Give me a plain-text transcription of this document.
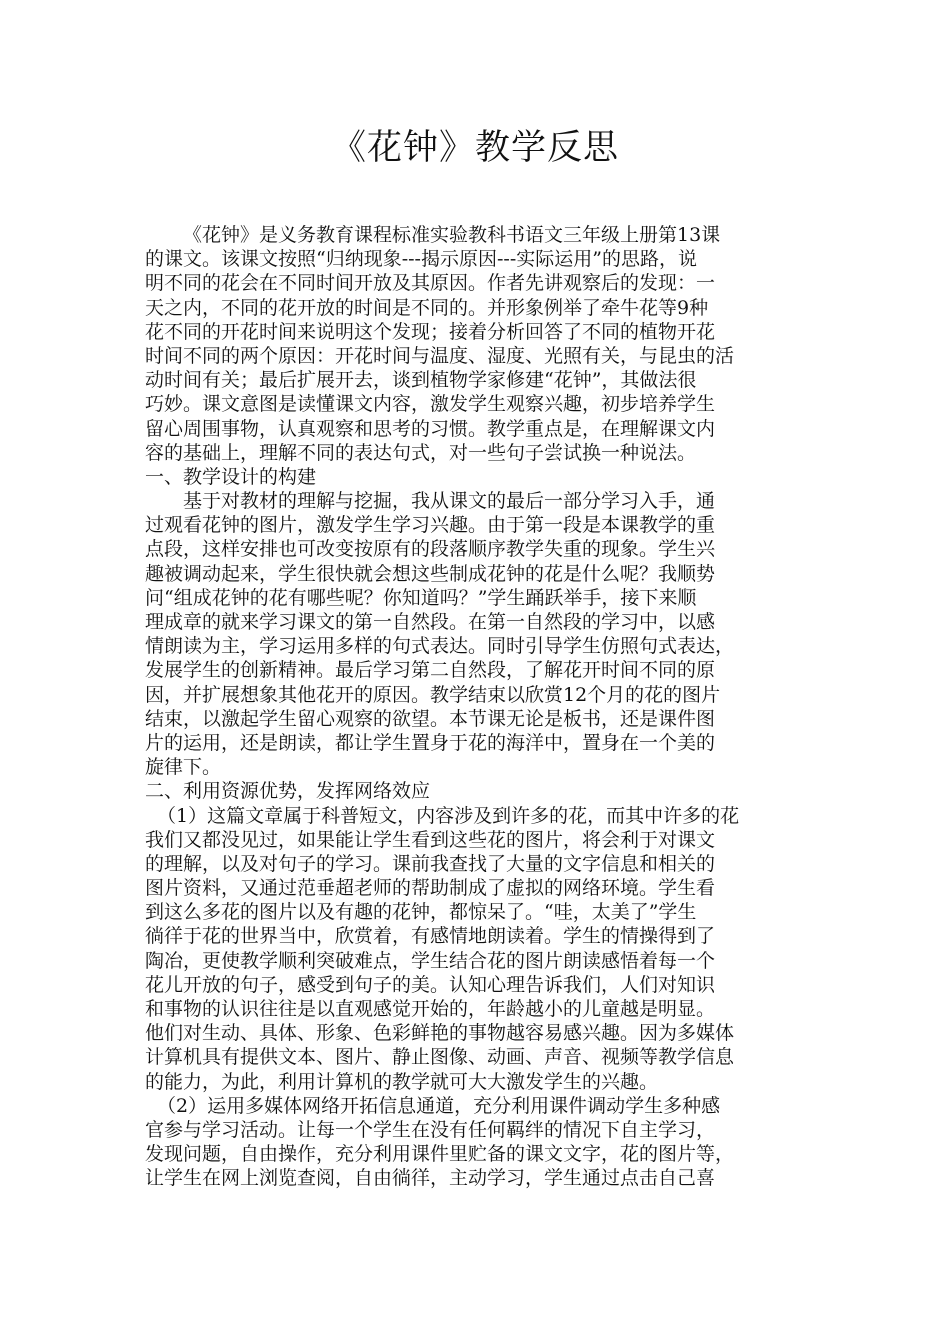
《花钟》教学反思
《花钟》是义务教育课程标准实验教科书语文三年级上册第13课
的课文。该课文按照“归纳现象---揭示原因---实际运用”的思路，说
明不同的花会在不同时间开放及其原因。作者先讲观察后的发现：一
天之内，不同的花开放的时间是不同的。并形象例举了牵牛花等9种
花不同的开花时间来说明这个发现；接着分析回答了不同的植物开花
时间不同的两个原因：开花时间与温度、湿度、光照有关，与昆虫的活
动时间有关；最后扩展开去，谈到植物学家修建“花钟”，其做法很
巧妙。课文意图是读懂课文内容，激发学生观察兴趣，初步培养学生
留心周围事物，认真观察和思考的习惯。教学重点是，在理解课文内
容的基础上，理解不同的表达句式，对一些句子尝试换一种说法。
一、教学设计的构建
基于对教材的理解与挖掘，我从课文的最后一部分学习入手，通
过观看花钟的图片，激发学生学习兴趣。由于第一段是本课教学的重
点段，这样安排也可改变按原有的段落顺序教学失重的现象。学生兴
趣被调动起来，学生很快就会想这些制成花钟的花是什么呢？我顺势
问“组成花钟的花有哪些呢？你知道吗？”学生踊跃举手，接下来顺
理成章的就来学习课文的第一自然段。在第一自然段的学习中，以感
情朗读为主，学习运用多样的句式表达。同时引导学生仿照句式表达，
发展学生的创新精神。最后学习第二自然段，了解花开时间不同的原
因，并扩展想象其他花开的原因。教学结束以欣赏12个月的花的图片
结束，以激起学生留心观察的欲望。本节课无论是板书，还是课件图
片的运用，还是朗读，都让学生置身于花的海洋中，置身在一个美的
旋律下。
二、利用资源优势，发挥网络效应
（1）这篇文章属于科普短文，内容涉及到许多的花，而其中许多的花
我们又都没见过，如果能让学生看到这些花的图片，将会利于对课文
的理解，以及对句子的学习。课前我查找了大量的文字信息和相关的
图片资料，又通过范垂超老师的帮助制成了虚拟的网络环境。学生看
到这么多花的图片以及有趣的花钟，都惊呆了。“哇，太美了”学生
徜徉于花的世界当中，欣赏着，有感情地朗读着。学生的情操得到了
陶冶，更使教学顺利突破难点，学生结合花的图片朗读感悟着每一个
花儿开放的句子，感受到句子的美。认知心理告诉我们，人们对知识
和事物的认识往往是以直观感觉开始的，年龄越小的儿童越是明显。
他们对生动、具体、形象、色彩鲜艳的事物越容易感兴趣。因为多媒体
计算机具有提供文本、图片、静止图像、动画、声音、视频等教学信息
的能力，为此，利用计算机的教学就可大大激发学生的兴趣。
（2）运用多媒体网络开拓信息通道，充分利用课件调动学生多种感
官参与学习活动。让每一个学生在没有任何羁绊的情况下自主学习，
发现问题，自由操作，充分利用课件里贮备的课文文字，花的图片等，
让学生在网上浏览查阅，自由徜徉，主动学习，学生通过点击自己喜
